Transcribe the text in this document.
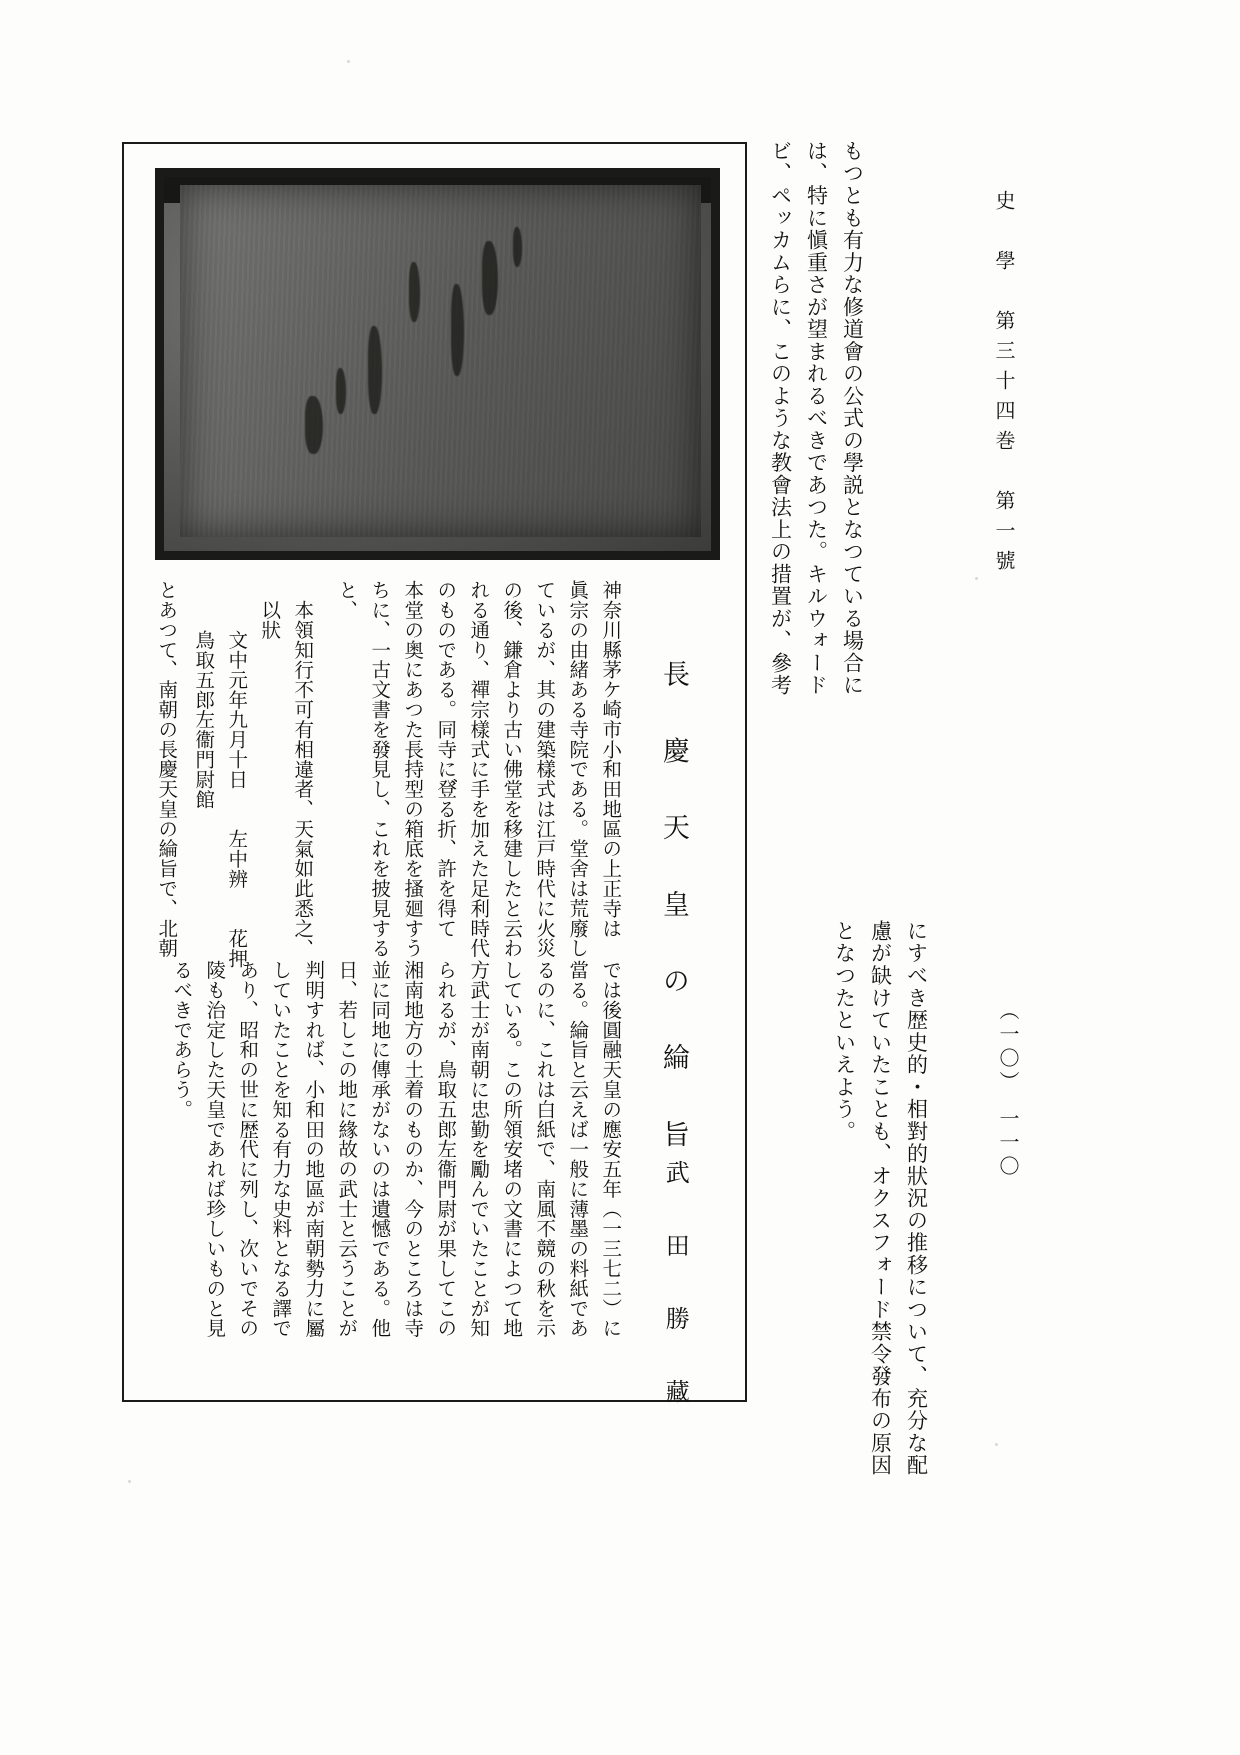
史　學　第三十四巻　第一號
（一〇）　一一〇
もつとも有力な修道會の公式の學説となつている場合に
は、特に愼重さが望まれるべきであつた。キルウォード
ビ、ペッカムらに、このような教會法上の措置が、參考
にすべき歴史的・相對的狀況の推移について、充分な配
慮が缺けていたことも、オクスフォード禁令發布の原因
となつたといえよう。
長　慶　天　皇　の　綸　旨
武　田　勝　藏
神奈川縣茅ケ崎市小和田地區の上正寺は
眞宗の由緒ある寺院である。堂舍は荒廢し
ているが、其の建築樣式は江戸時代に火災
の後、鎌倉より古い佛堂を移建したと云わ
れる通り、禪宗樣式に手を加えた足利時代
のものである。同寺に登゙゙゙゙る折、許を得て
本堂の奥にあつた長持型の箱底を搔廻すう
ちに、一古文書を發見し、これを披見する
と、
本領知行不可有相違者、天氣如此悉之、
以狀
文中元年九月十日　　左中辨　　花押
鳥取五郎左衞門尉館
とあつて、南朝の長慶天皇の綸旨で、北朝
では後圓融天皇の應安五年（一三七二）に
當る。綸旨と云えば一般に薄墨の料紙であ
るのに、これは白紙で、南風不競の秋を示
している。この所領安堵の文書によつて地
方武士が南朝に忠勤を勵んでいたことが知
られるが、鳥取五郎左衞門尉が果してこの
湘南地方の土着のものか、今のところは寺
並に同地に傳承がないのは遺憾である。他
日、若しこの地に緣故の武士と云うことが
判明すれば、小和田の地區が南朝勢力に屬
していたことを知る有力な史料となる譯で
あり、昭和の世に歴代に列し、次いでその
陵も治定した天皇であれば珍しいものと見
るべきであらう。
